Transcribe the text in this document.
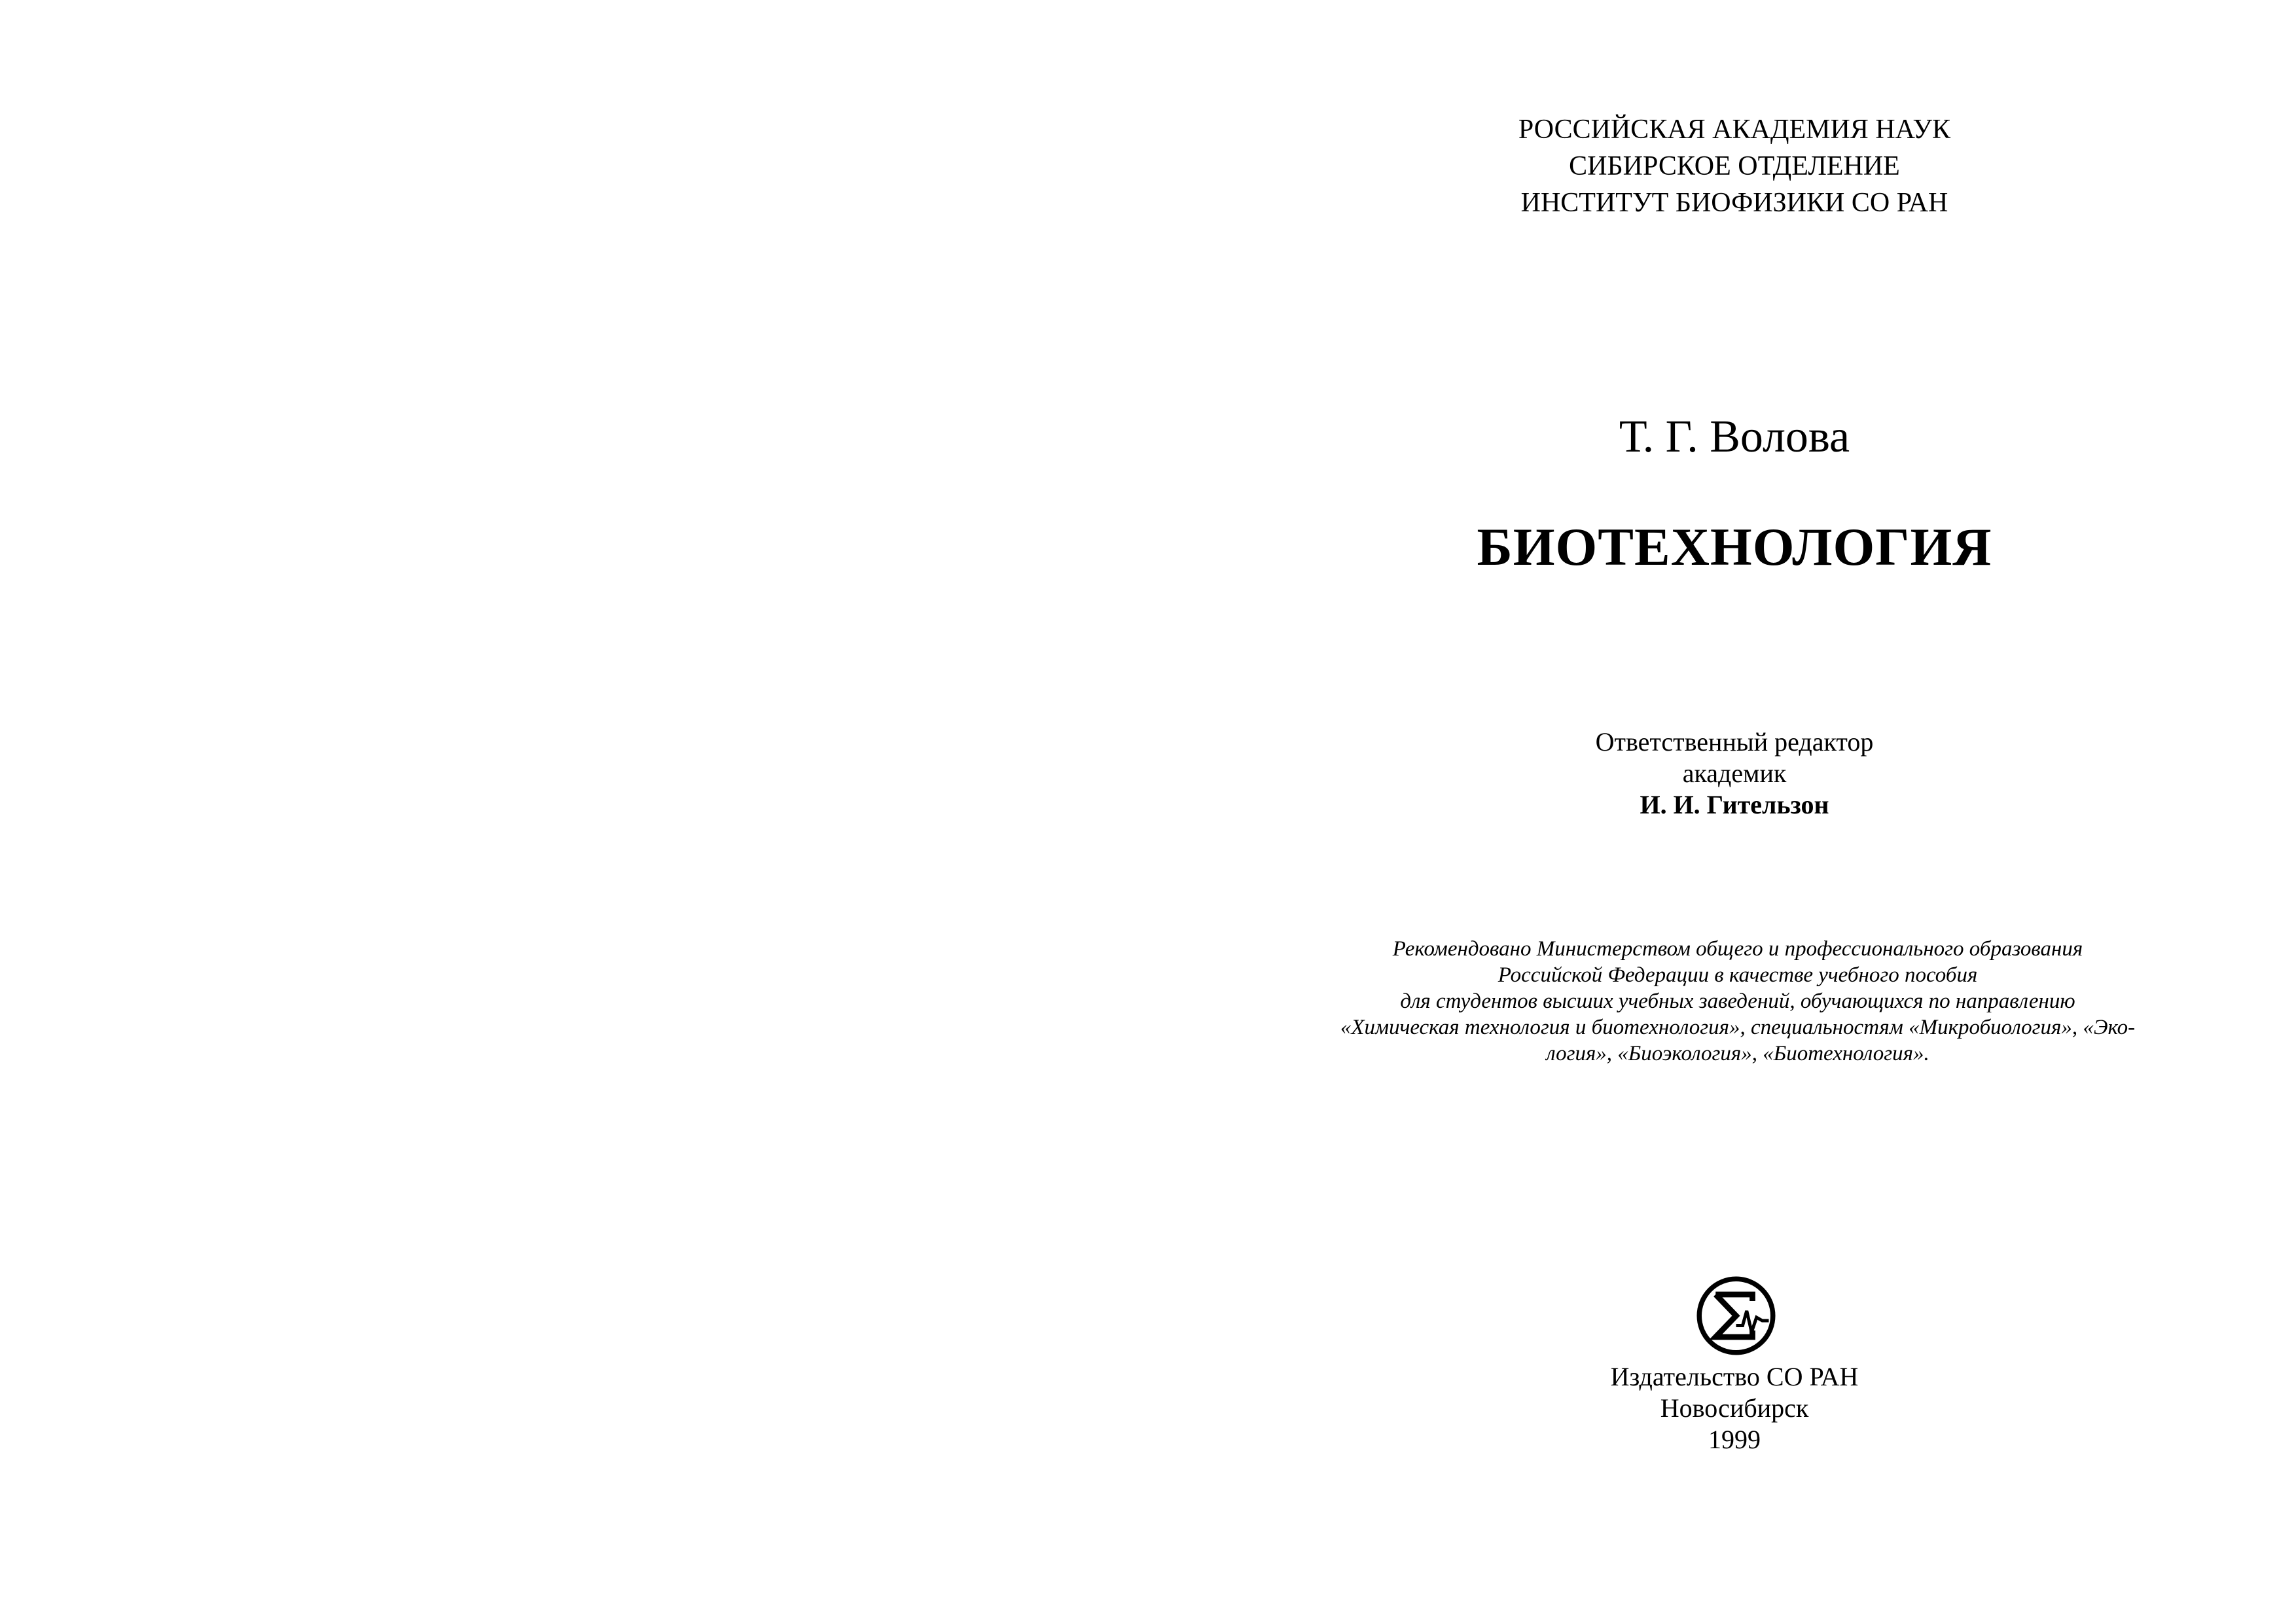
РОССИЙСКАЯ АКАДЕМИЯ НАУК
СИБИРСКОЕ ОТДЕЛЕНИЕ
ИНСТИТУТ БИОФИЗИКИ СО РАН
Т. Г. Волова
БИОТЕХНОЛОГИЯ
Ответственный редактор
академик
И. И. Гительзон
Рекомендовано Министерством общего и профессионального образования
Российской Федерации в качестве учебного пособия
для студентов высших учебных заведений, обучающихся по направлению
«Химическая технология и биотехнология», специальностям «Микробиология», «Эко-
логия», «Биоэкология», «Биотехнология».
Издательство СО РАН
Новосибирск
1999
